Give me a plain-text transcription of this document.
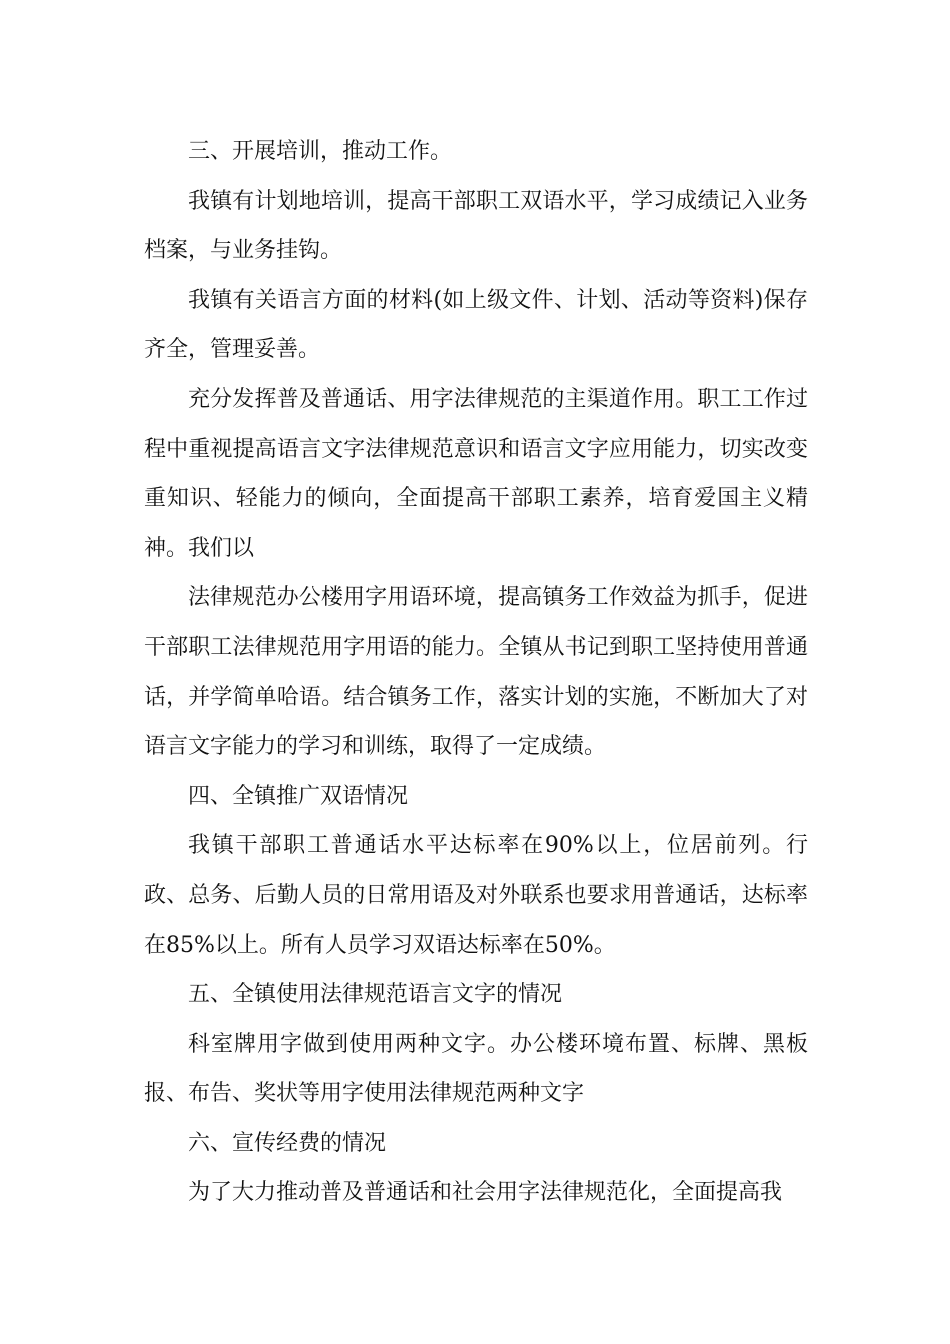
三、开展培训，推动工作。

我镇有计划地培训，提高干部职工双语水平，学习成绩记入业务档案，与业务挂钩。

我镇有关语言方面的材料(如上级文件、计划、活动等资料)保存齐全，管理妥善。

充分发挥普及普通话、用字法律规范的主渠道作用。职工工作过程中重视提高语言文字法律规范意识和语言文字应用能力，切实改变重知识、轻能力的倾向，全面提高干部职工素养，培育爱国主义精神。我们以

法律规范办公楼用字用语环境，提高镇务工作效益为抓手，促进干部职工法律规范用字用语的能力。全镇从书记到职工坚持使用普通话，并学简单哈语。结合镇务工作，落实计划的实施，不断加大了对语言文字能力的学习和训练，取得了一定成绩。

四、全镇推广双语情况

我镇干部职工普通话水平达标率在90%以上，位居前列。行政、总务、后勤人员的日常用语及对外联系也要求用普通话，达标率在85%以上。所有人员学习双语达标率在50%。

五、全镇使用法律规范语言文字的情况

科室牌用字做到使用两种文字。办公楼环境布置、标牌、黑板报、布告、奖状等用字使用法律规范两种文字

六、宣传经费的情况

为了大力推动普及普通话和社会用字法律规范化，全面提高我
